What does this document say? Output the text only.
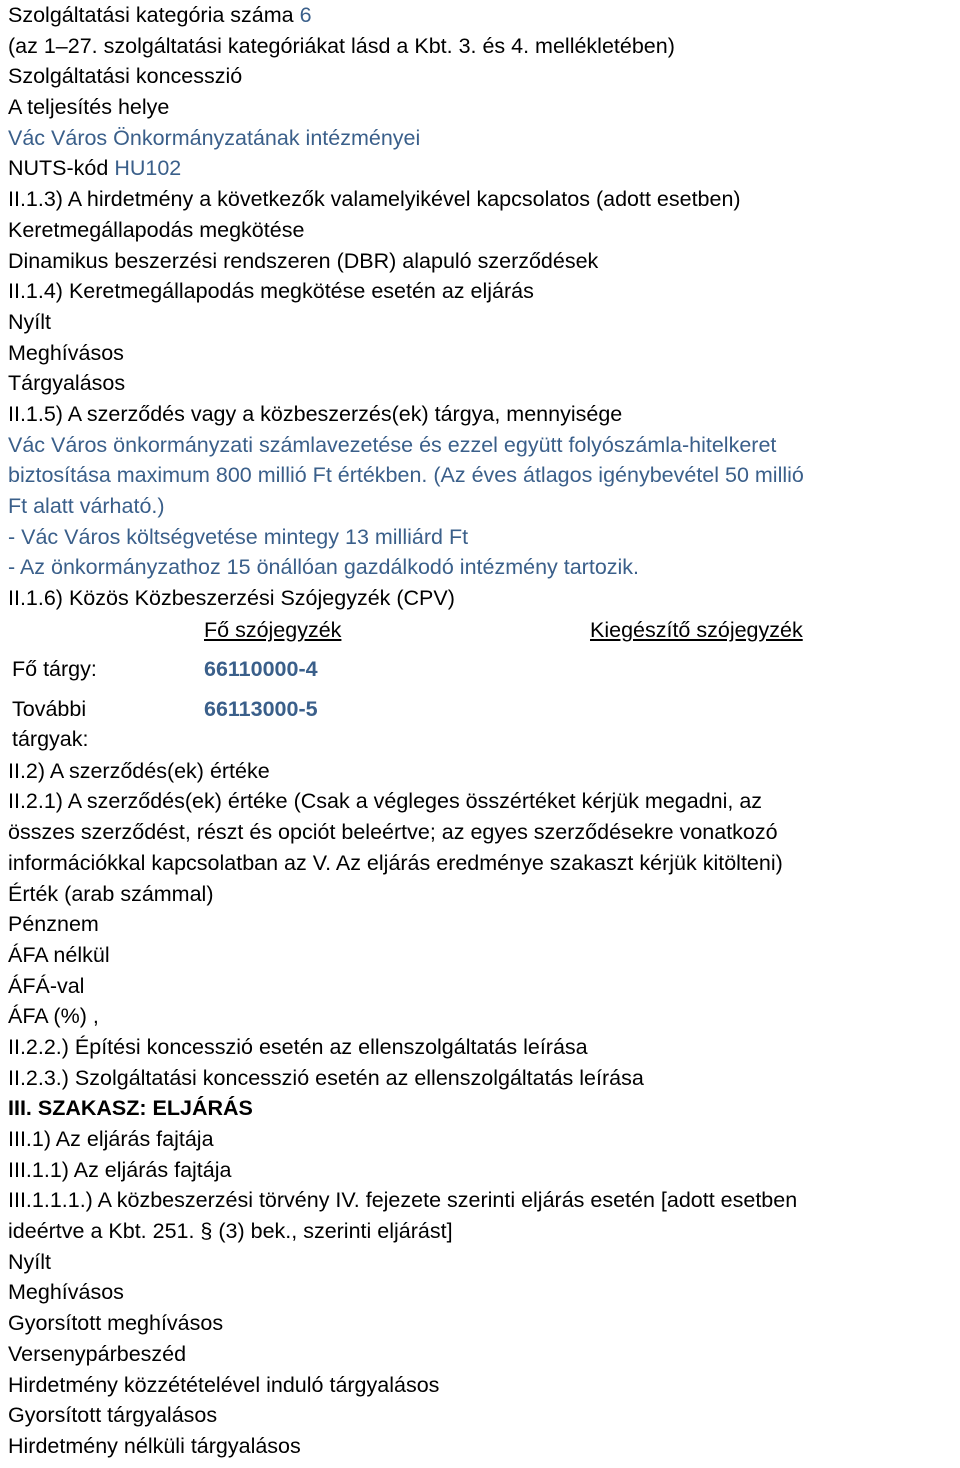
Szolgáltatási kategória száma 6
(az 1–27. szolgáltatási kategóriákat lásd a Kbt. 3. és 4. mellékletében)
Szolgáltatási koncesszió
A teljesítés helye
Vác Város Önkormányzatának intézményei
NUTS-kód HU102
II.1.3) A hirdetmény a következők valamelyikével kapcsolatos (adott esetben)
Keretmegállapodás megkötése
Dinamikus beszerzési rendszeren (DBR) alapuló szerződések
II.1.4) Keretmegállapodás megkötése esetén az eljárás
Nyílt
Meghívásos
Tárgyalásos
II.1.5) A szerződés vagy a közbeszerzés(ek) tárgya, mennyisége
Vác Város önkormányzati számlavezetése és ezzel együtt folyószámla-hitelkeret
biztosítása maximum 800 millió Ft értékben. (Az éves átlagos igénybevétel 50 millió
Ft alatt várható.)
- Vác Város költségvetése mintegy 13 milliárd Ft
- Az önkormányzathoz 15 önállóan gazdálkodó intézmény tartozik.
II.1.6) Közös Közbeszerzési Szójegyzék (CPV)
Fő szójegyzék	Kiegészítő szójegyzék
Fő tárgy:	66110000-4
További
tárgyak:
66113000-5
II.2) A szerződés(ek) értéke
II.2.1) A szerződés(ek) értéke (Csak a végleges összértéket kérjük megadni, az
összes szerződést, részt és opciót beleértve; az egyes szerződésekre vonatkozó
információkkal kapcsolatban az V. Az eljárás eredménye szakaszt kérjük kitölteni)
Érték (arab számmal)
Pénznem
ÁFA nélkül
ÁFÁ-val
ÁFA (%) ,
II.2.2.) Építési koncesszió esetén az ellenszolgáltatás leírása
II.2.3.) Szolgáltatási koncesszió esetén az ellenszolgáltatás leírása
III. SZAKASZ: ELJÁRÁS
III.1) Az eljárás fajtája
III.1.1) Az eljárás fajtája
III.1.1.1.) A közbeszerzési törvény IV. fejezete szerinti eljárás esetén [adott esetben
ideértve a Kbt. 251. § (3) bek., szerinti eljárást]
Nyílt
Meghívásos
Gyorsított meghívásos
Versenypárbeszéd
Hirdetmény közzétételével induló tárgyalásos
Gyorsított tárgyalásos
Hirdetmény nélküli tárgyalásos
